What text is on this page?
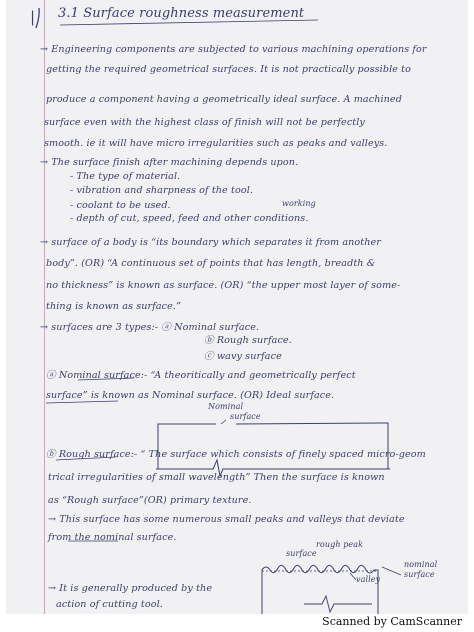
| 3.1 Surface roughness measurement
→ Engineering components are subjected to various machining operations for
getting the required geometrical surfaces. It is not practically possible to
produce a component having a geometrically ideal surface. A machined
surface even with the highest class of finish will not be perfectly
smooth. ie it will have micro irregularities such as peaks and valleys.
→ The surface finish after machining depends upon.
- The type of material.
- vibration and sharpness of the tool.
- coolant to be used.
- depth of cut, speed, feed and other conditions.
working
→ surface of a body is “its boundary which separates it from another
body”. (OR) “A continuous set of points that has length, breadth &
no thickness” is known as surface. (OR) “the upper most layer of some-
thing is known as surface.”
→ surfaces are 3 types:- ⓐ Nominal surface.
ⓑ Rough surface.
ⓒ wavy surface
ⓐ Nominal surface:- “A theoritically and geometrically perfect
surface” is known as Nominal surface. (OR) Ideal surface.
Nominal
surface
ⓑ Rough surface:- “ The surface which consists of finely spaced micro-geom
trical irregularities of small wavelength” Then the surface is known
as “Rough surface”(OR) primary texture.
→ This surface has some numerous small peaks and valleys that deviate
from the nominal surface.
→ It is generally produced by the
action of cutting tool.
surface
rough peak
valley
nominal
surface
Scanned by CamScanner
